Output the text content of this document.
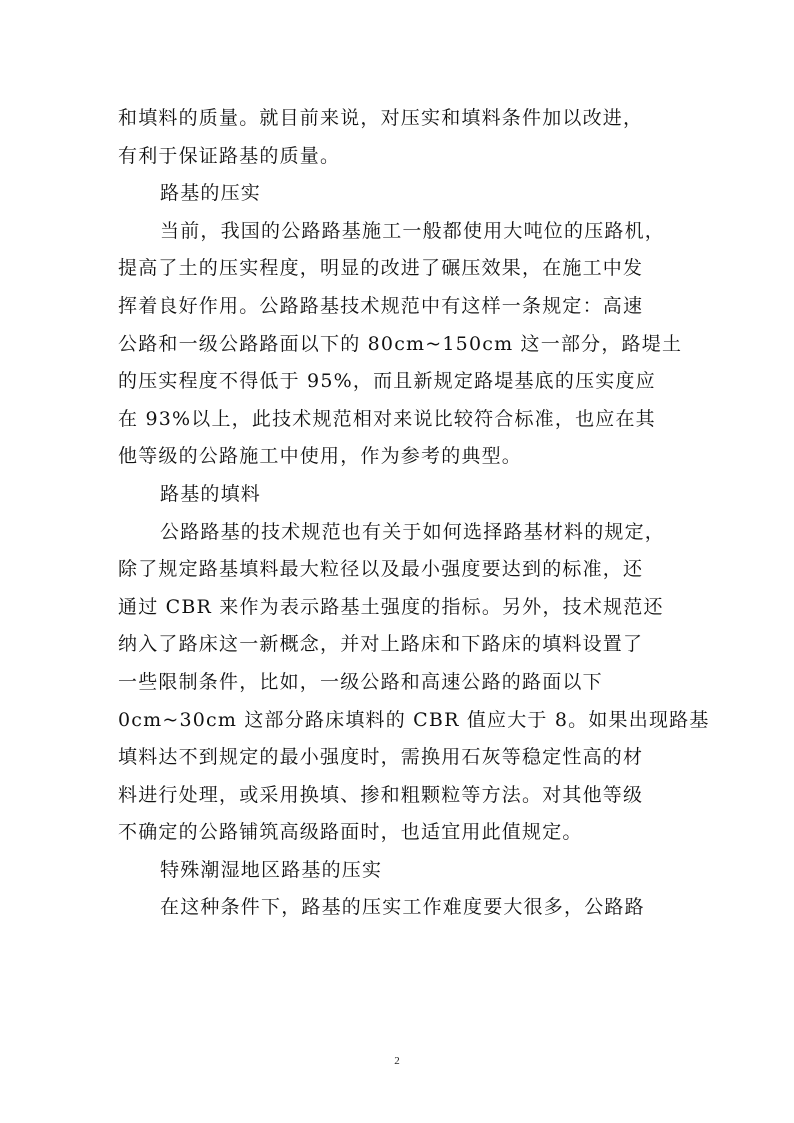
和填料的质量。就目前来说，对压实和填料条件加以改进，
有利于保证路基的质量。
路基的压实
当前，我国的公路路基施工一般都使用大吨位的压路机，
提高了土的压实程度，明显的改进了碾压效果，在施工中发
挥着良好作用。公路路基技术规范中有这样一条规定：高速
公路和一级公路路面以下的 80cm~150cm 这一部分，路堤土
的压实程度不得低于 95%，而且新规定路堤基底的压实度应
在 93%以上，此技术规范相对来说比较符合标准，也应在其
他等级的公路施工中使用，作为参考的典型。
路基的填料
公路路基的技术规范也有关于如何选择路基材料的规定，
除了规定路基填料最大粒径以及最小强度要达到的标准，还
通过 CBR 来作为表示路基土强度的指标。另外，技术规范还
纳入了路床这一新概念，并对上路床和下路床的填料设置了
一些限制条件，比如，一级公路和高速公路的路面以下
0cm~30cm 这部分路床填料的 CBR 值应大于 8。如果出现路基
填料达不到规定的最小强度时，需换用石灰等稳定性高的材
料进行处理，或采用换填、掺和粗颗粒等方法。对其他等级
不确定的公路铺筑高级路面时，也适宜用此值规定。
特殊潮湿地区路基的压实
在这种条件下，路基的压实工作难度要大很多，公路路
2
